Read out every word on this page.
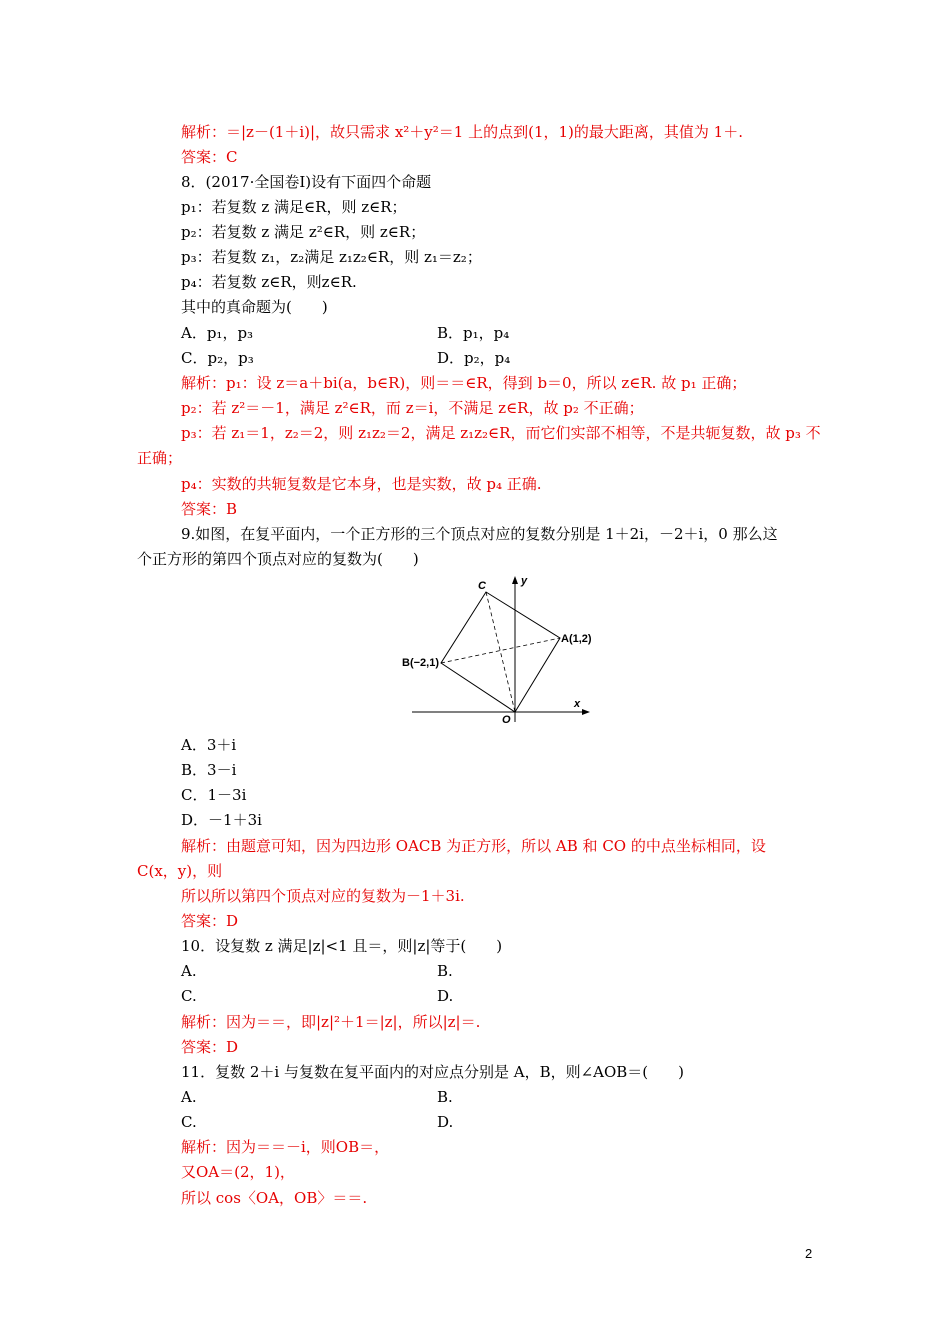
解析：＝|z－(1＋i)|，故只需求 x²＋y²＝1 上的点到(1，1)的最大距离，其值为 1＋.
答案：C
8．(2017·全国卷Ⅰ)设有下面四个命题
p₁：若复数 z 满足∈R，则 z∈R；
p₂：若复数 z 满足 z²∈R，则 z∈R；
p₃：若复数 z₁，z₂满足 z₁z₂∈R，则 z₁＝z₂；
p₄：若复数 z∈R，则z∈R.
其中的真命题为(　　)
A．p₁，p₃	B．p₁，p₄
C．p₂，p₃	D．p₂，p₄
解析：p₁：设 z＝a＋bi(a，b∈R)，则＝＝∈R，得到 b＝0，所以 z∈R. 故 p₁ 正确；
p₂：若 z²＝－1，满足 z²∈R，而 z＝i，不满足 z∈R，故 p₂ 不正确；
p₃：若 z₁＝1，z₂＝2，则 z₁z₂＝2，满足 z₁z₂∈R，而它们实部不相等，不是共轭复数，故 p₃ 不
正确；
p₄：实数的共轭复数是它本身，也是实数，故 p₄ 正确.
答案：B
9.如图，在复平面内，一个正方形的三个顶点对应的复数分别是 1＋2i，－2＋i，0 那么这
个正方形的第四个顶点对应的复数为(　　)
C	y
A(1,2)
B(−2,1)
O
x
A．3＋i
B．3－i
C．1－3i
D．－1＋3i
解析：由题意可知，因为四边形 OACB 为正方形，所以 AB 和 CO 的中点坐标相同，设
C(x，y)，则
所以所以第四个顶点对应的复数为－1＋3i.
答案：D
10．设复数 z 满足|z|<1 且＝，则|z|等于(　　)
A.	B.
C.	D.
解析：因为＝＝，即|z|²＋1＝|z|，所以|z|＝.
答案：D
11．复数 2＋i 与复数在复平面内的对应点分别是 A，B，则∠AOB＝(　　)
A.	B.
C.	D.
解析：因为＝＝－i，则OB＝，
又OA＝(2，1)，
所以 cos〈OA，OB〉＝＝.
2
